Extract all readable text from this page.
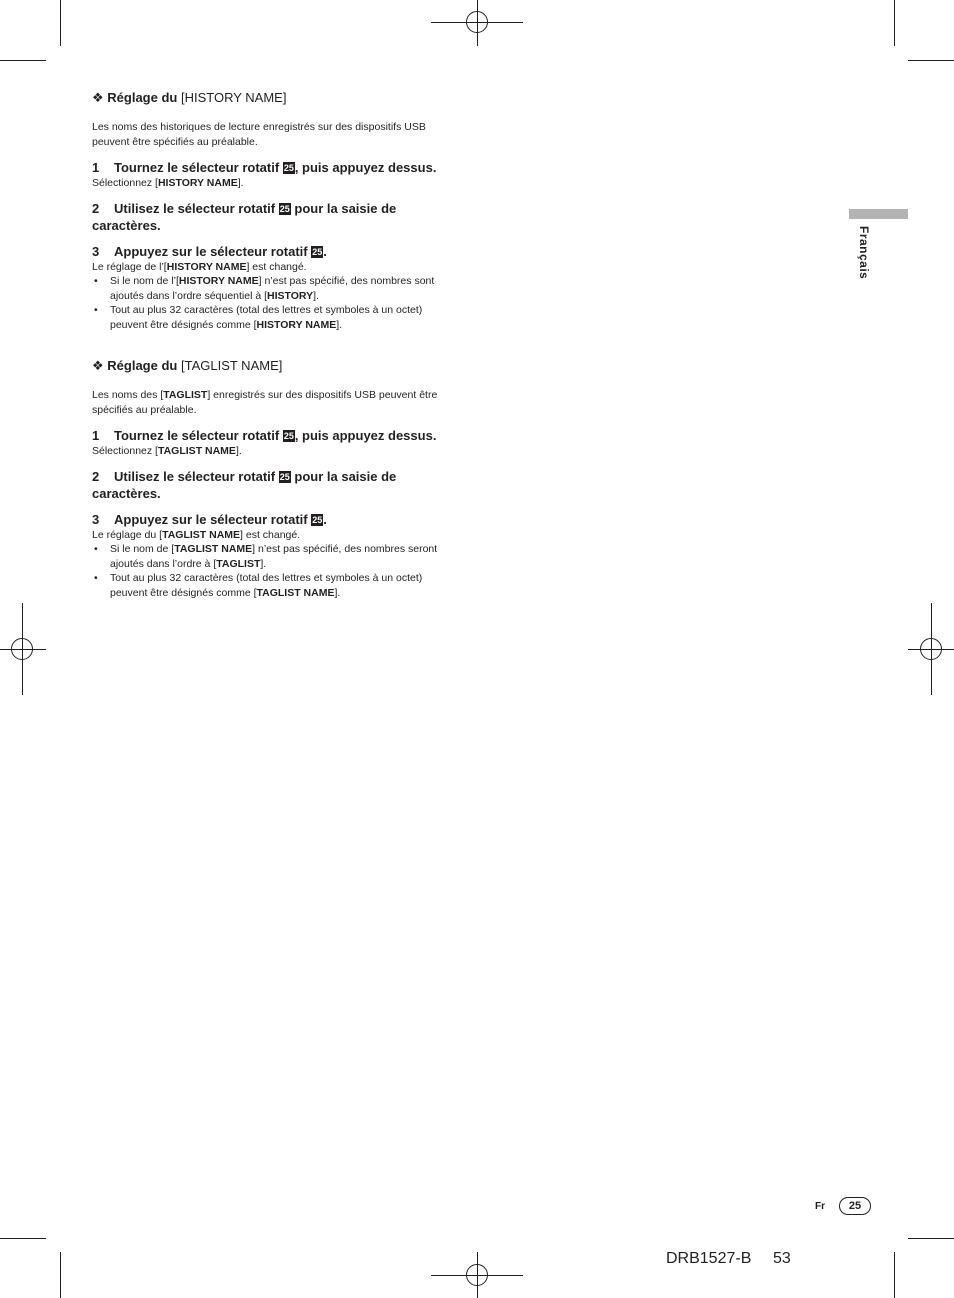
Français

❖ Réglage du [HISTORY NAME]

Les noms des historiques de lecture enregistrés sur des dispositifs USB peuvent être spécifiés au préalable.

1 Tournez le sélecteur rotatif 25, puis appuyez dessus.

Sélectionnez [HISTORY NAME].

2 Utilisez le sélecteur rotatif 25 pour la saisie de caractères.

3 Appuyez sur le sélecteur rotatif 25.

Le réglage de l’[HISTORY NAME] est changé.

• Si le nom de l’[HISTORY NAME] n’est pas spécifié, des nombres sont ajoutés dans l’ordre séquentiel à [HISTORY].
• Tout au plus 32 caractères (total des lettres et symboles à un octet) peuvent être désignés comme [HISTORY NAME].

❖ Réglage du [TAGLIST NAME]

Les noms des [TAGLIST] enregistrés sur des dispositifs USB peuvent être spécifiés au préalable.

1 Tournez le sélecteur rotatif 25, puis appuyez dessus.

Sélectionnez [TAGLIST NAME].

2 Utilisez le sélecteur rotatif 25 pour la saisie de caractères.

3 Appuyez sur le sélecteur rotatif 25.

Le réglage du [TAGLIST NAME] est changé.

• Si le nom de [TAGLIST NAME] n’est pas spécifié, des nombres seront ajoutés dans l’ordre à [TAGLIST].
• Tout au plus 32 caractères (total des lettres et symboles à un octet) peuvent être désignés comme [TAGLIST NAME].
Fr	25
DRB1527-B 53
